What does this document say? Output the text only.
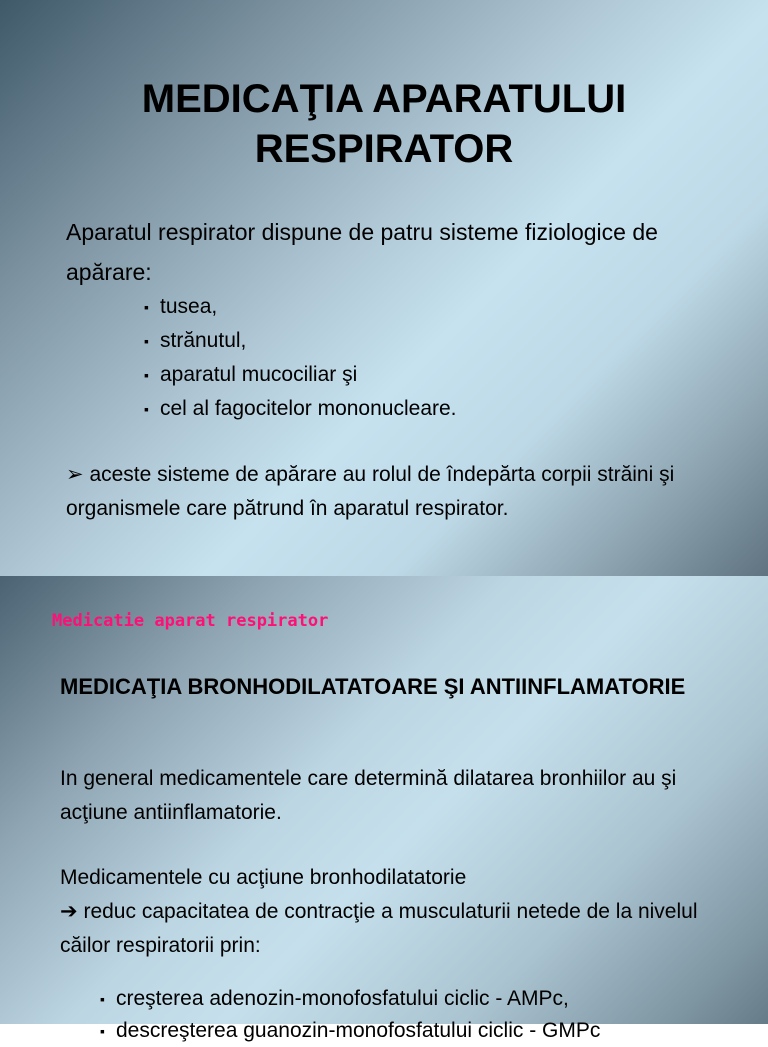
MEDICAŢIA APARATULUI
RESPIRATOR
Aparatul respirator dispune de patru sisteme fiziologice de apărare:
▪ tusea,
▪ strănutul,
▪ aparatul mucociliar şi
▪ cel al fagocitelor mononucleare.
➢ aceste sisteme de apărare au rolul de îndepărta corpii străini şi organismele care pătrund în aparatul respirator.
Medicatie aparat respirator
MEDICAŢIA BRONHODILATATOARE ŞI ANTIINFLAMATORIE
In general medicamentele care determină dilatarea bronhiilor au şi acţiune antiinflamatorie.
Medicamentele cu acţiune bronhodilatatorie
➔ reduc capacitatea de contracţie a musculaturii netede de la nivelul căilor respiratorii prin:
▪ creşterea adenozin-monofosfatului ciclic - AMPc,
▪ descreşterea guanozin-monofosfatului ciclic - GMPc
